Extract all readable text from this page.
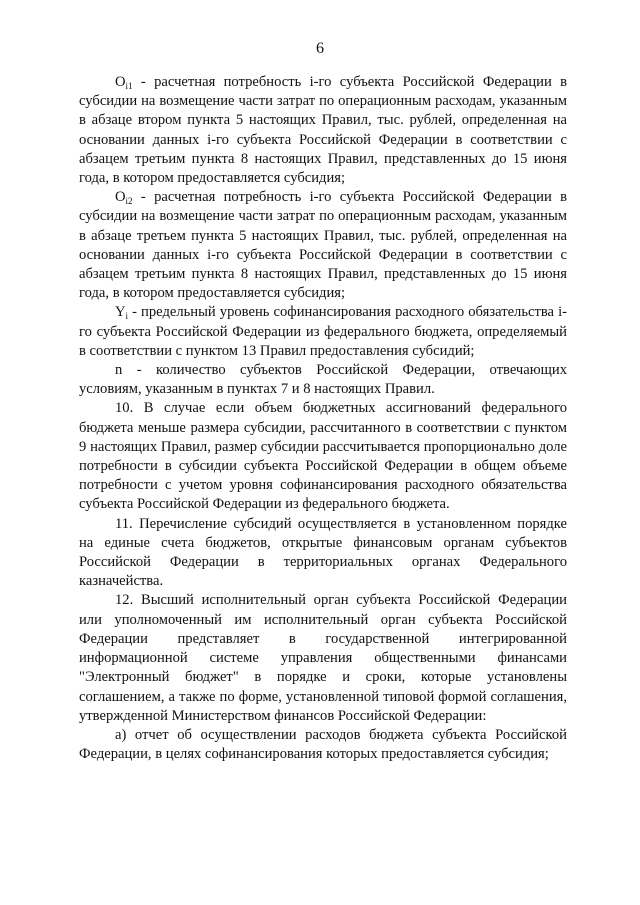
6

$O_{i1}$ - расчетная потребность i-го субъекта Российской Федерации в субсидии на возмещение части затрат по операционным расходам, указанным в абзаце втором пункта 5 настоящих Правил, тыс. рублей, определенная на основании данных i-го субъекта Российской Федерации в соответствии с абзацем третьим пункта 8 настоящих Правил, представленных до 15 июня года, в котором предоставляется субсидия;

$O_{i2}$ - расчетная потребность i-го субъекта Российской Федерации в субсидии на возмещение части затрат по операционным расходам, указанным в абзаце третьем пункта 5 настоящих Правил, тыс. рублей, определенная на основании данных i-го субъекта Российской Федерации в соответствии с абзацем третьим пункта 8 настоящих Правил, представленных до 15 июня года, в котором предоставляется субсидия;

$Y_i$ - предельный уровень софинансирования расходного обязательства i-го субъекта Российской Федерации из федерального бюджета, определяемый в соответствии с пунктом 13 Правил предоставления субсидий;

n - количество субъектов Российской Федерации, отвечающих условиям, указанным в пунктах 7 и 8 настоящих Правил.

10. В случае если объем бюджетных ассигнований федерального бюджета меньше размера субсидии, рассчитанного в соответствии с пунктом 9 настоящих Правил, размер субсидии рассчитывается пропорционально доле потребности в субсидии субъекта Российской Федерации в общем объеме потребности с учетом уровня софинансирования расходного обязательства субъекта Российской Федерации из федерального бюджета.

11. Перечисление субсидий осуществляется в установленном порядке на единые счета бюджетов, открытые финансовым органам субъектов Российской Федерации в территориальных органах Федерального казначейства.

12. Высший исполнительный орган субъекта Российской Федерации или уполномоченный им исполнительный орган субъекта Российской Федерации представляет в государственной интегрированной информационной системе управления общественными финансами "Электронный бюджет" в порядке и сроки, которые установлены соглашением, а также по форме, установленной типовой формой соглашения, утвержденной Министерством финансов Российской Федерации:

а) отчет об осуществлении расходов бюджета субъекта Российской Федерации, в целях софинансирования которых предоставляется субсидия;
